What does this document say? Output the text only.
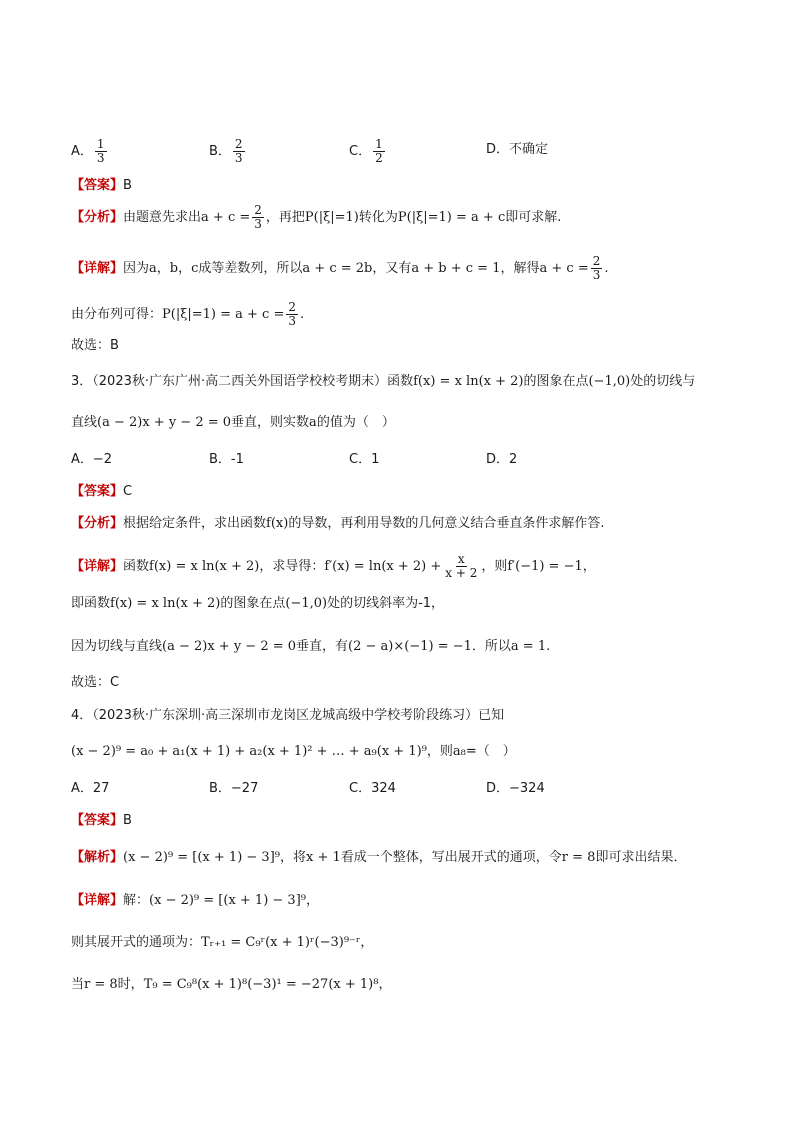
A． $\frac{1}{3}$	B． $\frac{2}{3}$	C． $\frac{1}{2}$	D．不确定
【答案】B
【分析】由题意先求出$a + c = \frac{2}{3}$ ，再把P(|ξ|=1)转化为P(|ξ|=1) = a + c即可求解.
【详解】因为a，b，c成等差数列，所以a + c = 2b，又有a + b + c = 1，解得$a + c = \frac{2}{3}$ .
由分布列可得：$P(|\xi|=1) = a + c = \frac{2}{3}$ .
故选：B
3．（2023秋·广东广州·高二西关外国语学校校考期末）函数f(x) = x ln(x + 2)的图象在点(−1,0)处的切线与
直线(a − 2)x + y − 2 = 0垂直，则实数a的值为（　）
A．−2	B．-1	C．1	D．2
【答案】C
【分析】根据给定条件，求出函数f(x)的导数，再利用导数的几何意义结合垂直条件求解作答.
【详解】函数f(x) = x ln(x + 2)，求导得：$f'(x) = \ln(x + 2) + \frac{x}{x + 2}$ ，则f′(−1) = −1，
即函数f(x) = x ln(x + 2)的图象在点(−1,0)处的切线斜率为-1，
因为切线与直线(a − 2)x + y − 2 = 0垂直，有(2 − a)×(−1) = −1．所以a = 1.
故选：C
4．（2023秋·广东深圳·高三深圳市龙岗区龙城高级中学校考阶段练习）已知
(x − 2)⁹ = a₀ + a₁(x + 1) + a₂(x + 1)² + … + a₉(x + 1)⁹，则a₈=（　）
A．27	B．−27	C．324	D．−324
【答案】B
【解析】(x − 2)⁹ = [(x + 1) − 3]⁹，将x + 1看成一个整体，写出展开式的通项，令r = 8即可求出结果．
【详解】解：(x − 2)⁹ = [(x + 1) − 3]⁹，
则其展开式的通项为：Tᵣ₊₁ = C₉ʳ(x + 1)ʳ(−3)⁹⁻ʳ，
当r = 8时，T₉ = C₉⁸(x + 1)⁸(−3)¹ = −27(x + 1)⁸，
